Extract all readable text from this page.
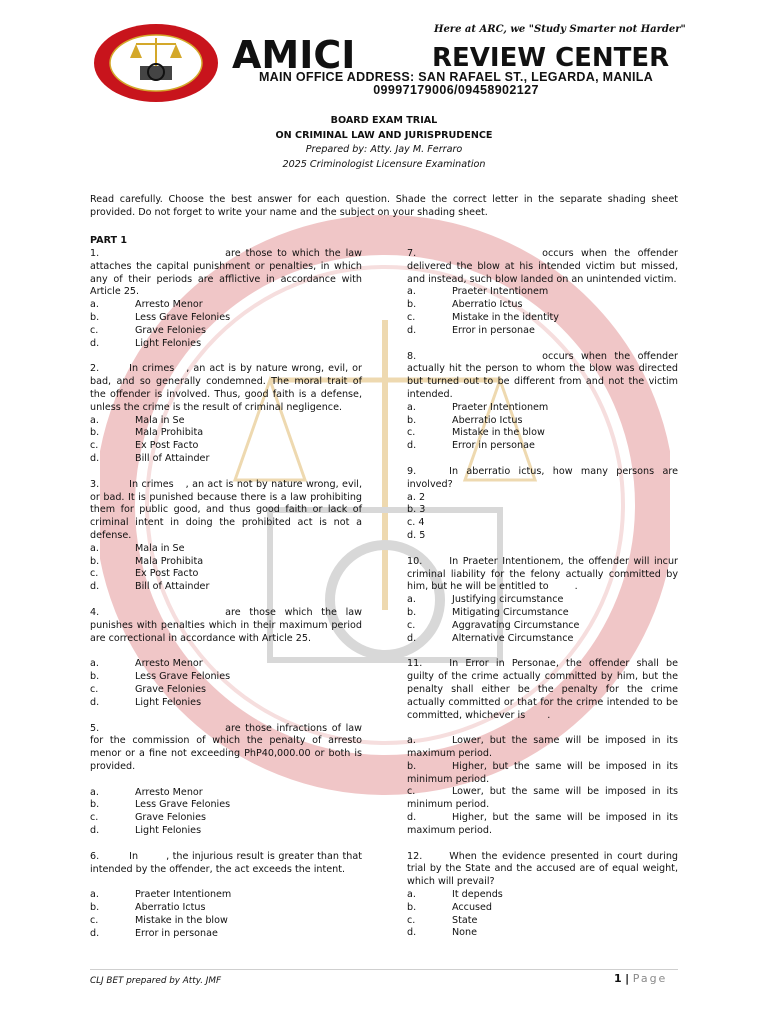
Here at ARC, we "Study Smarter not Harder"
AMICI	REVIEW CENTER
MAIN OFFICE ADDRESS: SAN RAFAEL ST., LEGARDA, MANILA
09997179006/09458902127
BOARD EXAM TRIAL
ON CRIMINAL LAW AND JURISPRUDENCE
Prepared by: Atty. Jay M. Ferraro
2025 Criminologist Licensure Examination
Read carefully. Choose the best answer for each question. Shade the correct letter in the separate shading sheet provided. Do not forget to write your name and the subject on your shading sheet.
PART 1

1.	are those to which the law attaches the capital punishment or penalties, in which any of their periods are afflictive in accordance with Article 25.

a.	Arresto Menor
b.	Less Grave Felonies
c.	Grave Felonies
d.	Light Felonies

2.	In crimes , an act is by nature wrong, evil, or bad, and so generally condemned. The moral trait of the offender is involved. Thus, good faith is a defense, unless the crime is the result of criminal negligence.

a.	Mala in Se
b.	Mala Prohibita
c.	Ex Post Facto
d.	Bill of Attainder

3.	In crimes , an act is not by nature wrong, evil, or bad. It is punished because there is a law prohibiting them for public good, and thus good faith or lack of criminal intent in doing the prohibited act is not a defense.

a.	Mala in Se
b.	Mala Prohibita
c.	Ex Post Facto
d.	Bill of Attainder

4.	are those which the law punishes with penalties which in their maximum period are correctional in accordance with Article 25.

a.	Arresto Menor
b.	Less Grave Felonies
c.	Grave Felonies
d.	Light Felonies

5.	are those infractions of law for the commission of which the penalty of arresto menor or a fine not exceeding PhP40,000.00 or both is provided.

a.	Arresto Menor
b.	Less Grave Felonies
c.	Grave Felonies
d.	Light Felonies

6.	In	, the injurious result is greater than that intended by the offender, the act exceeds the intent.

a.	Praeter Intentionem
b.	Aberratio Ictus
c.	Mistake in the blow
d.	Error in personae

7.	occurs when the offender delivered the blow at his intended victim but missed, and instead, such blow landed on an unintended victim.

a.	Praeter Intentionem
b.	Aberratio Ictus
c.	Mistake in the identity
d.	Error in personae

8.	occurs when the offender actually hit the person to whom the blow was directed but turned out to be different from and not the victim intended.

a.	Praeter Intentionem
b.	Aberratio Ictus
c.	Mistake in the blow
d.	Error in personae

9.	In aberratio ictus, how many persons are involved?

a. 2
b. 3
c. 4
d. 5

10.	In Praeter Intentionem, the offender will incur criminal liability for the felony actually committed by him, but he will be entitled to	.

a.	Justifying circumstance
b.	Mitigating Circumstance
c.	Aggravating Circumstance
d.	Alternative Circumstance

11.	In Error in Personae, the offender shall be guilty of the crime actually committed by him, but the penalty shall either be the penalty for the crime actually committed or that for the crime intended to be committed, whichever is .

a.	Lower, but the same will be imposed in its maximum period.

b.	Higher, but the same will be imposed in its minimum period.

c.	Lower, but the same will be imposed in its minimum period.

d.	Higher, but the same will be imposed in its maximum period.

12.	When the evidence presented in court during trial by the State and the accused are of equal weight, which will prevail?

a.	It depends
b.	Accused
c.	State
d.	None
CLJ BET prepared by Atty. JMF	1 | Page
